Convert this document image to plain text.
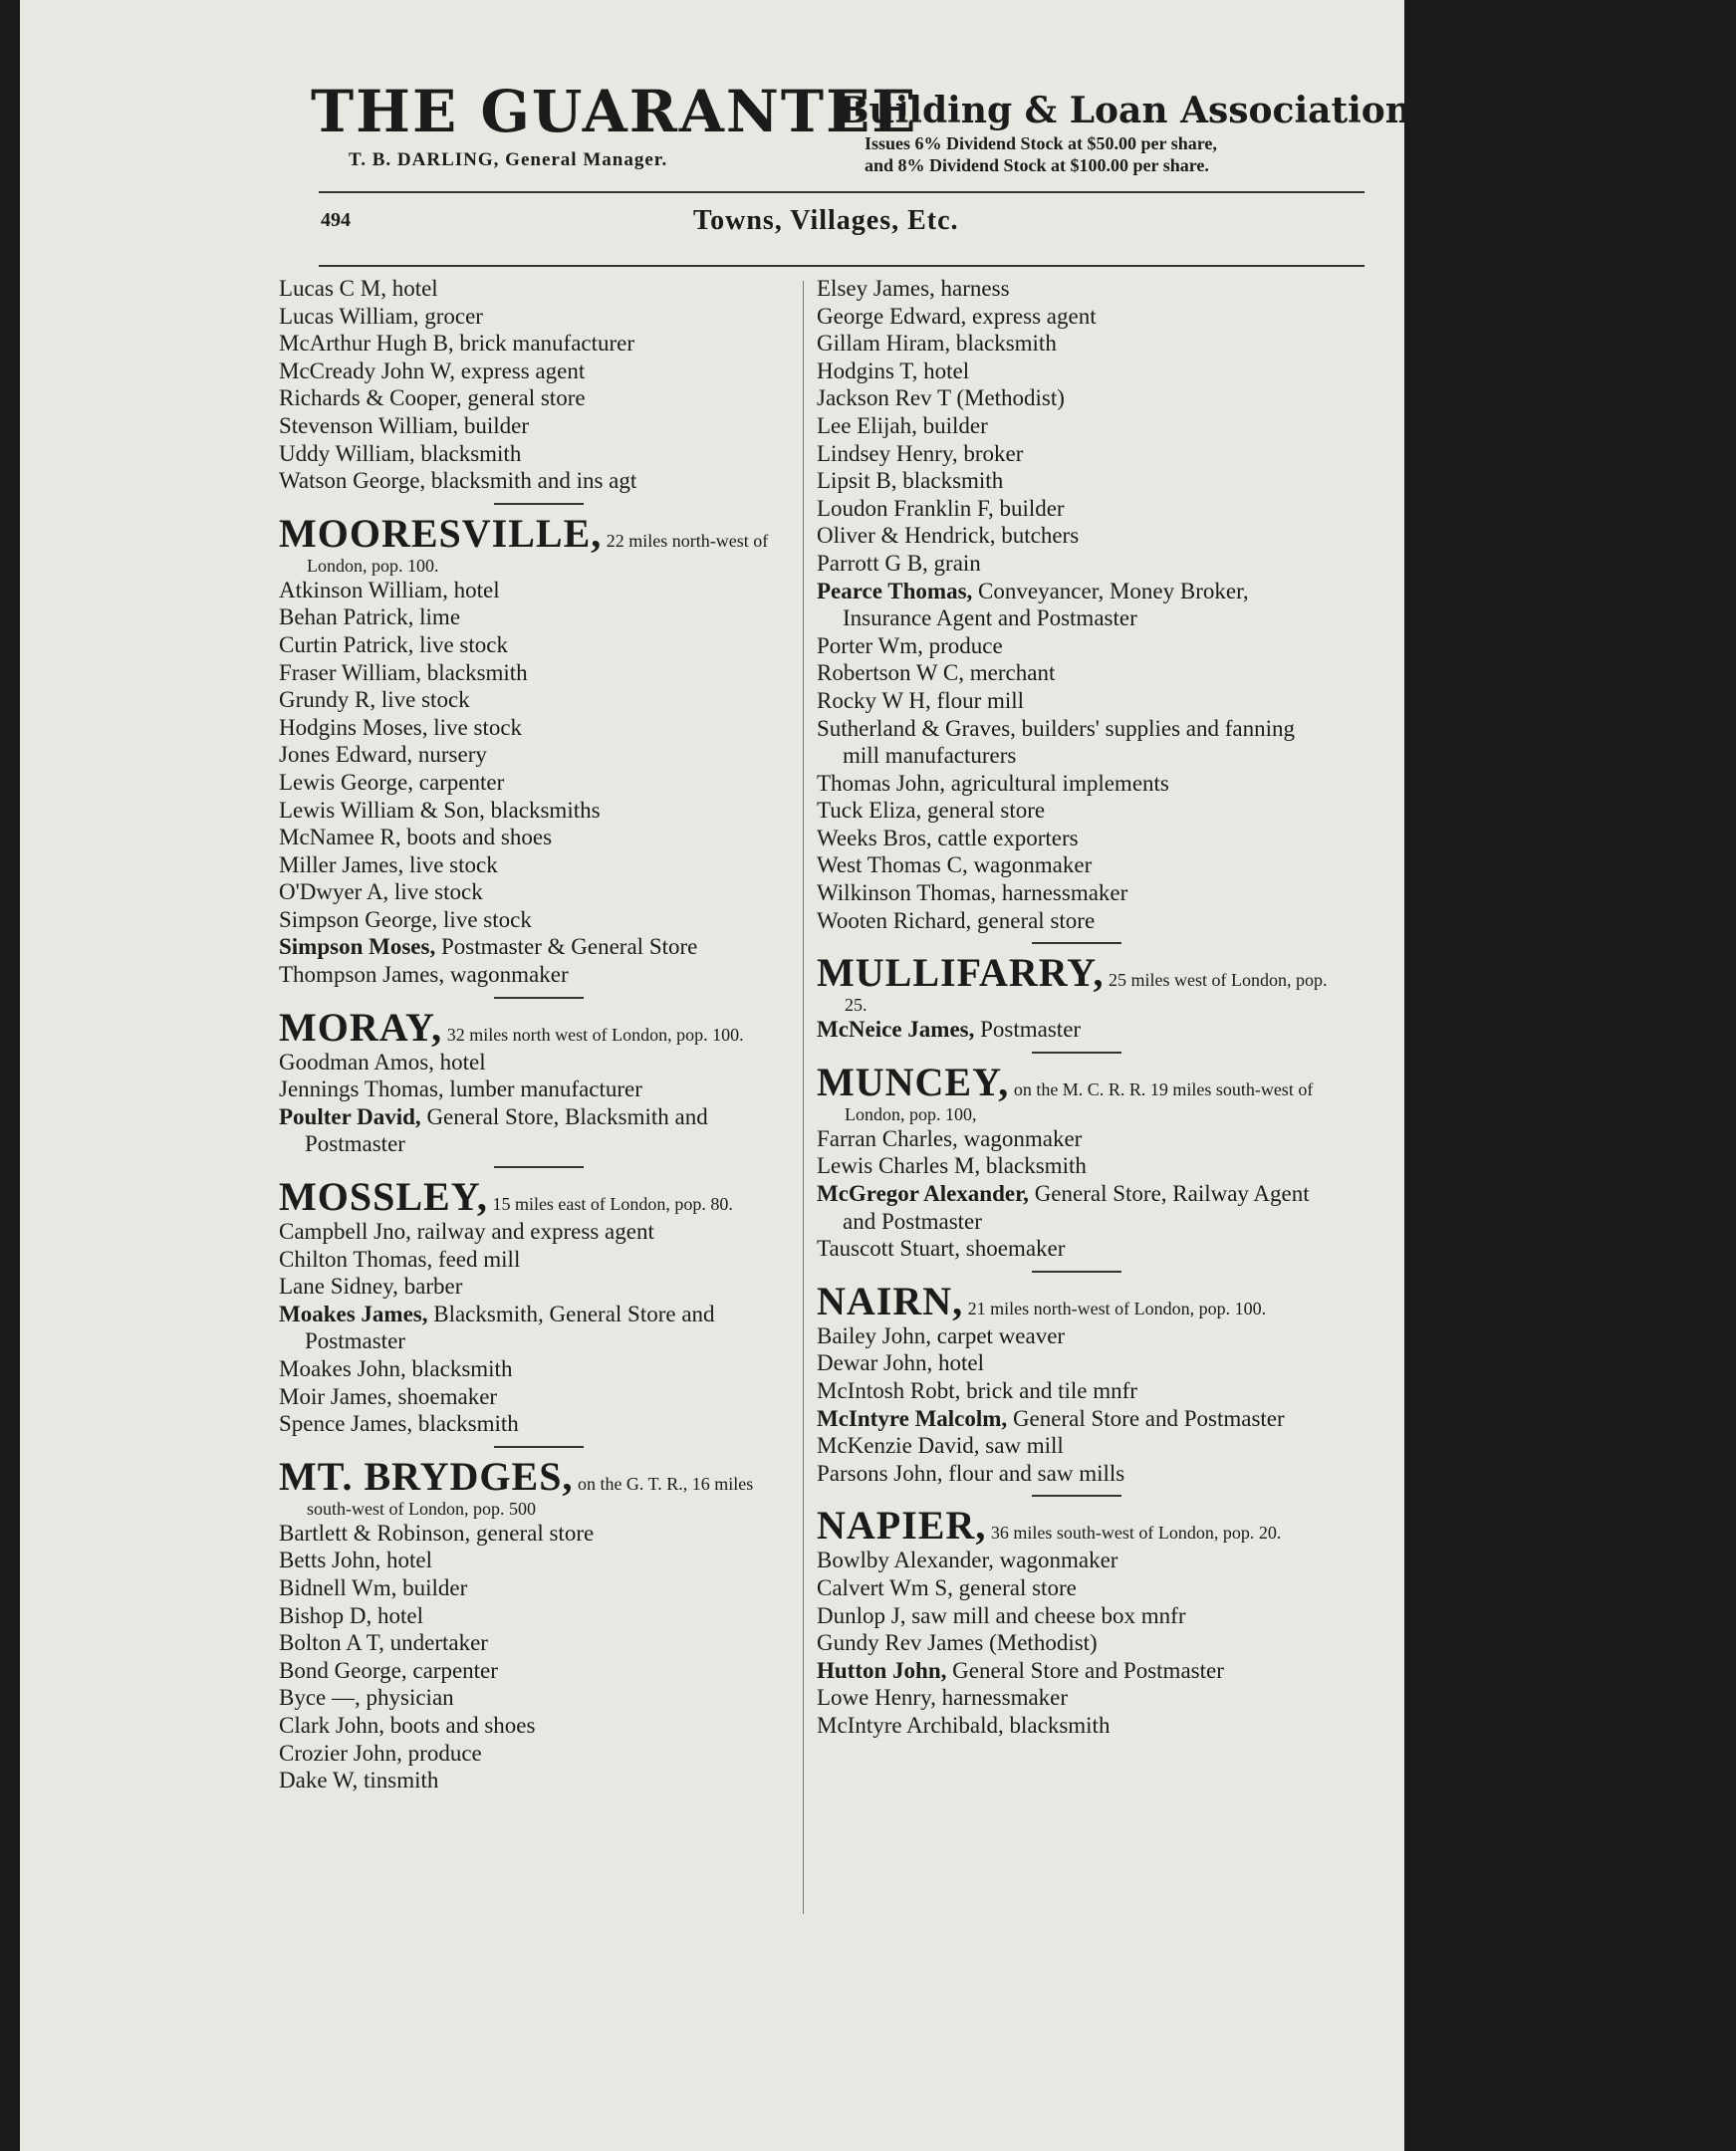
THE GUARANTEE
T. B. DARLING, General Manager.
Building & Loan Association, Hamilton, Ont.
Issues 6% Dividend Stock at $50.00 per share,
and 8% Dividend Stock at $100.00 per share.
494	Towns, Villages, Etc.
Lucas C M, hotel
Lucas William, grocer
McArthur Hugh B, brick manufacturer
McCready John W, express agent
Richards & Cooper, general store
Stevenson William, builder
Uddy William, blacksmith
Watson George, blacksmith and ins agt
MOORESVILLE, 22 miles north-west of London, pop. 100.
Atkinson William, hotel
Behan Patrick, lime
Curtin Patrick, live stock
Fraser William, blacksmith
Grundy R, live stock
Hodgins Moses, live stock
Jones Edward, nursery
Lewis George, carpenter
Lewis William & Son, blacksmiths
McNamee R, boots and shoes
Miller James, live stock
O'Dwyer A, live stock
Simpson George, live stock
Simpson Moses, Postmaster & General Store
Thompson James, wagonmaker
MORAY, 32 miles north west of London, pop. 100.
Goodman Amos, hotel
Jennings Thomas, lumber manufacturer
Poulter David, General Store, Blacksmith and Postmaster
MOSSLEY, 15 miles east of London, pop. 80.
Campbell Jno, railway and express agent
Chilton Thomas, feed mill
Lane Sidney, barber
Moakes James, Blacksmith, General Store and Postmaster
Moakes John, blacksmith
Moir James, shoemaker
Spence James, blacksmith
MT. BRYDGES, on the G. T. R., 16 miles south-west of London, pop. 500
Bartlett & Robinson, general store
Betts John, hotel
Bidnell Wm, builder
Bishop D, hotel
Bolton A T, undertaker
Bond George, carpenter
Byce —, physician
Clark John, boots and shoes
Crozier John, produce
Dake W, tinsmith
Elsey James, harness
George Edward, express agent
Gillam Hiram, blacksmith
Hodgins T, hotel
Jackson Rev T (Methodist)
Lee Elijah, builder
Lindsey Henry, broker
Lipsit B, blacksmith
Loudon Franklin F, builder
Oliver & Hendrick, butchers
Parrott G B, grain
Pearce Thomas, Conveyancer, Money Broker, Insurance Agent and Postmaster
Porter Wm, produce
Robertson W C, merchant
Rocky W H, flour mill
Sutherland & Graves, builders' supplies and fanning mill manufacturers
Thomas John, agricultural implements
Tuck Eliza, general store
Weeks Bros, cattle exporters
West Thomas C, wagonmaker
Wilkinson Thomas, harnessmaker
Wooten Richard, general store
MULLIFARRY, 25 miles west of London, pop. 25.
McNeice James, Postmaster
MUNCEY, on the M. C. R. R. 19 miles south-west of London, pop. 100,
Farran Charles, wagonmaker
Lewis Charles M, blacksmith
McGregor Alexander, General Store, Railway Agent and Postmaster
Tauscott Stuart, shoemaker
NAIRN, 21 miles north-west of London, pop. 100.
Bailey John, carpet weaver
Dewar John, hotel
McIntosh Robt, brick and tile mnfr
McIntyre Malcolm, General Store and Postmaster
McKenzie David, saw mill
Parsons John, flour and saw mills
NAPIER, 36 miles south-west of London, pop. 20.
Bowlby Alexander, wagonmaker
Calvert Wm S, general store
Dunlop J, saw mill and cheese box mnfr
Gundy Rev James (Methodist)
Hutton John, General Store and Postmaster
Lowe Henry, harnessmaker
McIntyre Archibald, blacksmith
